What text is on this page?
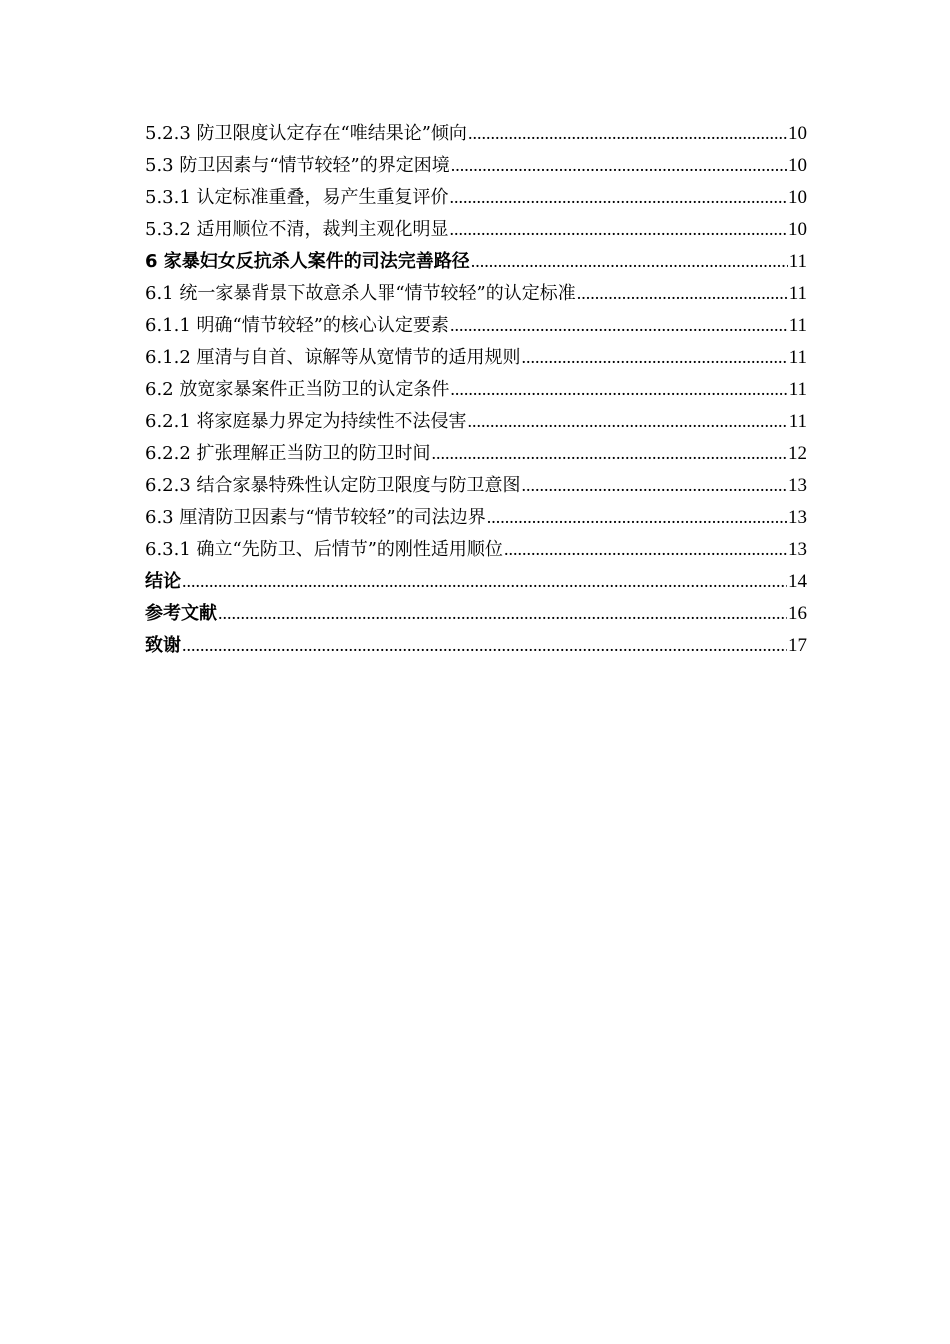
5.2.3 防卫限度认定存在“唯结果论”倾向 .....	10
5.3 防卫因素与“情节较轻”的界定困境 .....	10
5.3.1 认定标准重叠，易产生重复评价 .....	10
5.3.2 适用顺位不清，裁判主观化明显 .....	10
6 家暴妇女反抗杀人案件的司法完善路径 .....	11
6.1 统一家暴背景下故意杀人罪“情节较轻”的认定标准 .....	11
6.1.1 明确“情节较轻”的核心认定要素 .....	11
6.1.2 厘清与自首、谅解等从宽情节的适用规则 .....	11
6.2 放宽家暴案件正当防卫的认定条件 .....	11
6.2.1 将家庭暴力界定为持续性不法侵害 .....	11
6.2.2 扩张理解正当防卫的防卫时间 .....	12
6.2.3 结合家暴特殊性认定防卫限度与防卫意图 .....	13
6.3 厘清防卫因素与“情节较轻”的司法边界 .....	13
6.3.1 确立“先防卫、后情节”的刚性适用顺位 .....	13
结论 .....	14
参考文献 .....	16
致谢 .....	17
